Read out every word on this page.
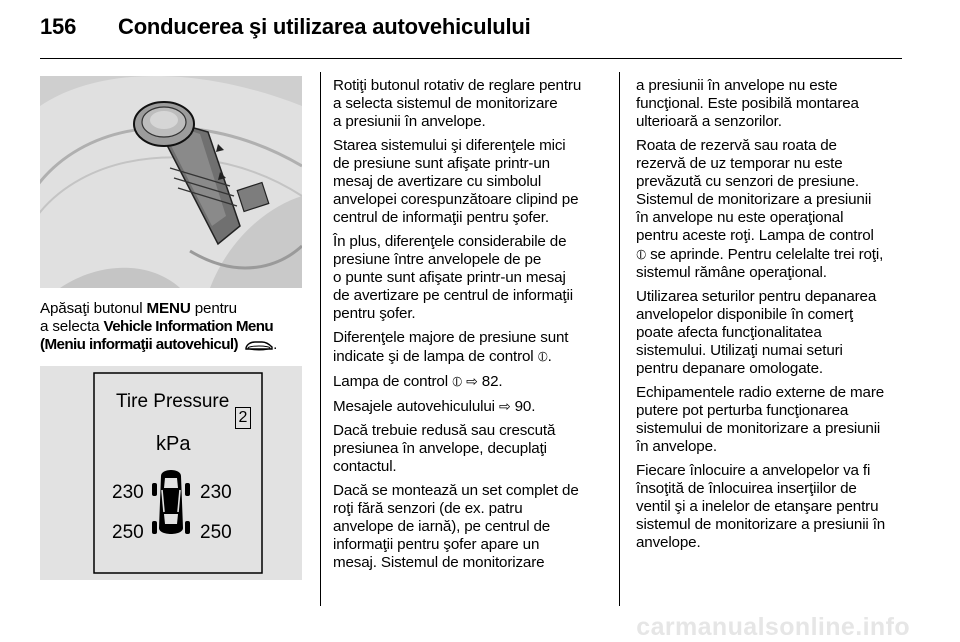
156 Conducerea şi utilizarea autovehiculului

Apăsaţi butonul MENU pentru
a selecta Vehicle Information Menu
(Meniu informaţii autovehicul) .

Tire Pressure
2
kPa
230	230
250	250

Rotiţi butonul rotativ de reglare pentru
a selecta sistemul de monitorizare
a presiunii în anvelope.

Starea sistemului şi diferenţele mici
de presiune sunt afişate printr-un
mesaj de avertizare cu simbolul
anvelopei corespunzătoare clipind pe
centrul de informaţii pentru şofer.

În plus, diferenţele considerabile de
presiune între anvelopele de pe
o punte sunt afişate printr-un mesaj
de avertizare pe centrul de informaţii
pentru şofer.

Diferenţele majore de presiune sunt
indicate şi de lampa de control ⦶.

Lampa de control ⦶ ⇨ 82.

Mesajele autovehiculului ⇨ 90.

Dacă trebuie redusă sau crescută
presiunea în anvelope, decuplaţi
contactul.

Dacă se montează un set complet de
roţi fără senzori (de ex. patru
anvelope de iarnă), pe centrul de
informaţii pentru şofer apare un
mesaj. Sistemul de monitorizare

a presiunii în anvelope nu este
funcţional. Este posibilă montarea
ulterioară a senzorilor.

Roata de rezervă sau roata de
rezervă de uz temporar nu este
prevăzută cu senzori de presiune.
Sistemul de monitorizare a presiunii
în anvelope nu este operaţional
pentru aceste roţi. Lampa de control
⦶ se aprinde. Pentru celelalte trei roţi,
sistemul rămâne operaţional.

Utilizarea seturilor pentru depanarea
anvelopelor disponibile în comerţ
poate afecta funcţionalitatea
sistemului. Utilizaţi numai seturi
pentru depanare omologate.

Echipamentele radio externe de mare
putere pot perturba funcţionarea
sistemului de monitorizare a presiunii
în anvelope.

Fiecare înlocuire a anvelopelor va fi
însoţită de înlocuirea inserţiilor de
ventil şi a inelelor de etanşare pentru
sistemul de monitorizare a presiunii în
anvelope.

carmanualsonline.info
